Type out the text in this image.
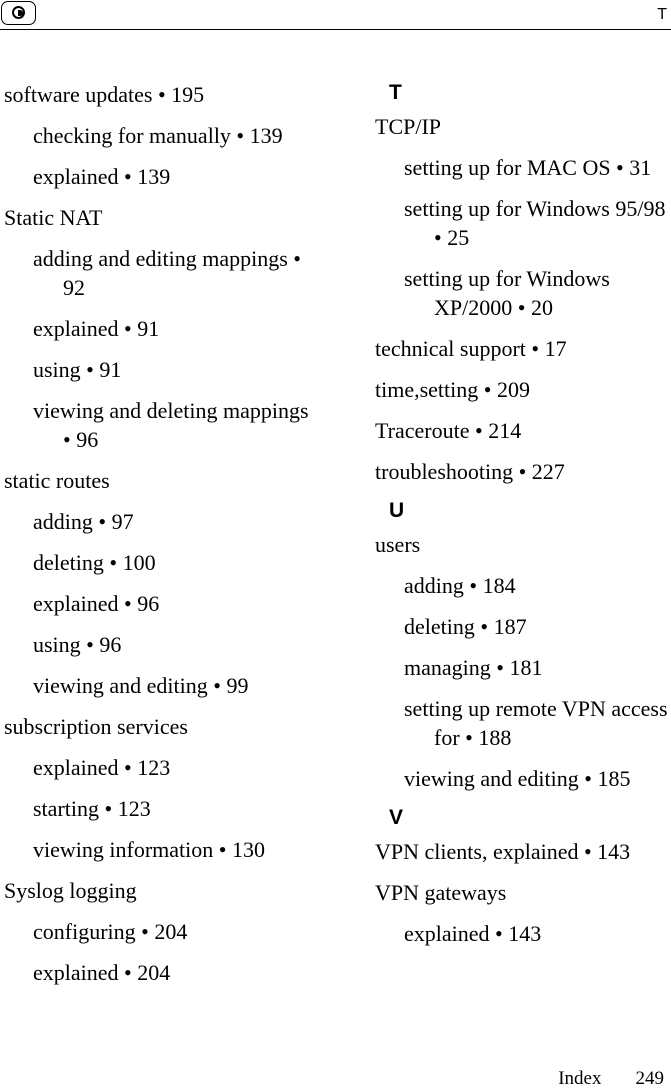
T
software updates • 195
checking for manually • 139
explained • 139
Static NAT
adding and editing mappings • 92
explained • 91
using • 91
viewing and deleting mappings • 96
static routes
adding • 97
deleting • 100
explained • 96
using • 96
viewing and editing • 99
subscription services
explained • 123
starting • 123
viewing information • 130
Syslog logging
configuring • 204
explained • 204
T
TCP/IP
setting up for MAC OS • 31
setting up for Windows 95/98 • 25
setting up for Windows XP/2000 • 20
technical support • 17
time,setting • 209
Traceroute • 214
troubleshooting • 227
U
users
adding • 184
deleting • 187
managing • 181
setting up remote VPN access for • 188
viewing and editing • 185
V
VPN clients, explained • 143
VPN gateways
explained • 143
Index 249
